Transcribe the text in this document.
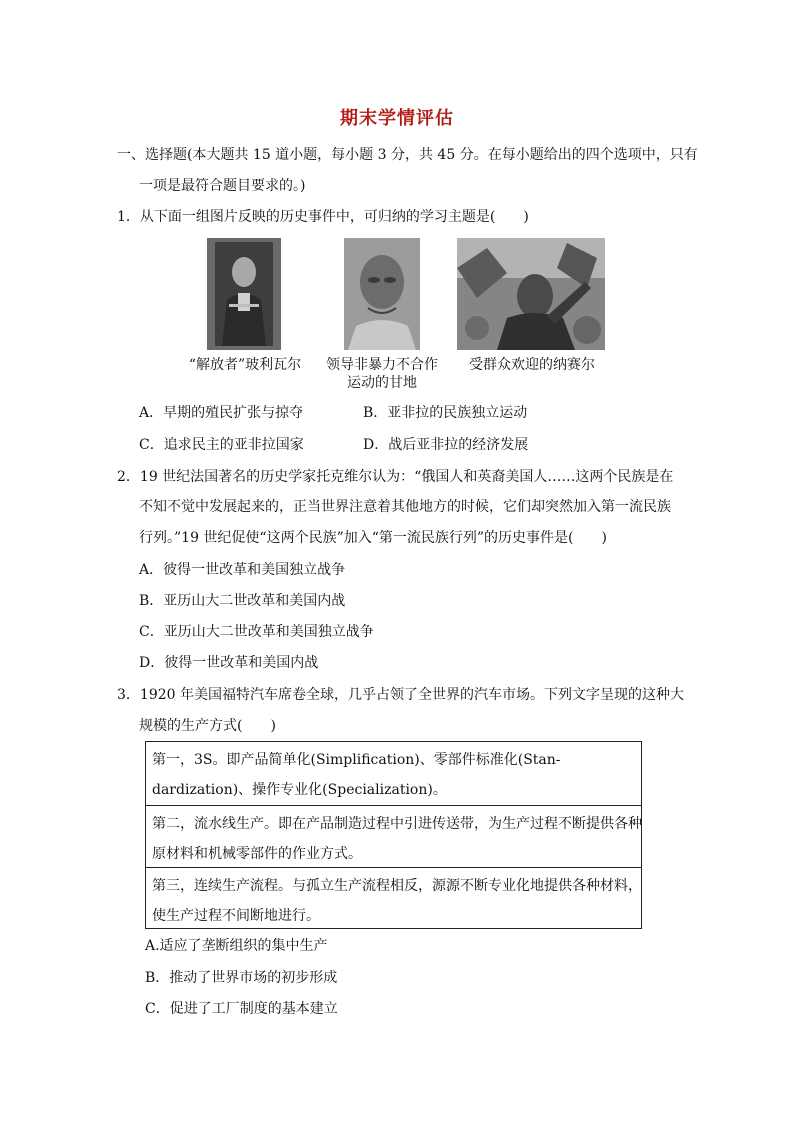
期末学情评估
一、选择题(本大题共 15 道小题，每小题 3 分，共 45 分。在每小题给出的四个选项中，只有
一项是最符合题目要求的。)
1．从下面一组图片反映的历史事件中，可归纳的学习主题是(　　)
“解放者”玻利瓦尔	领导非暴力不合作
运动的甘地
受群众欢迎的纳赛尔
A．早期的殖民扩张与掠夺	B．亚非拉的民族独立运动
C．追求民主的亚非拉国家	D．战后亚非拉的经济发展
2．19 世纪法国著名的历史学家托克维尔认为：“俄国人和英裔美国人……这两个民族是在
不知不觉中发展起来的，正当世界注意着其他地方的时候，它们却突然加入第一流民族
行列。”19 世纪促使“这两个民族”加入“第一流民族行列”的历史事件是(　　)
A．彼得一世改革和美国独立战争
B．亚历山大二世改革和美国内战
C．亚历山大二世改革和美国独立战争
D．彼得一世改革和美国内战
3．1920 年美国福特汽车席卷全球，几乎占领了全世界的汽车市场。下列文字呈现的这种大
规模的生产方式(　　)
第一，3S。即产品简单化(Simplification)、零部件标准化(Stan-
dardization)、操作专业化(Specialization)。
第二，流水线生产。即在产品制造过程中引进传送带，为生产过程不断提供各种
原材料和机械零部件的作业方式。
第三，连续生产流程。与孤立生产流程相反，源源不断专业化地提供各种材料，
使生产过程不间断地进行。
A.适应了垄断组织的集中生产
B．推动了世界市场的初步形成
C．促进了工厂制度的基本建立
